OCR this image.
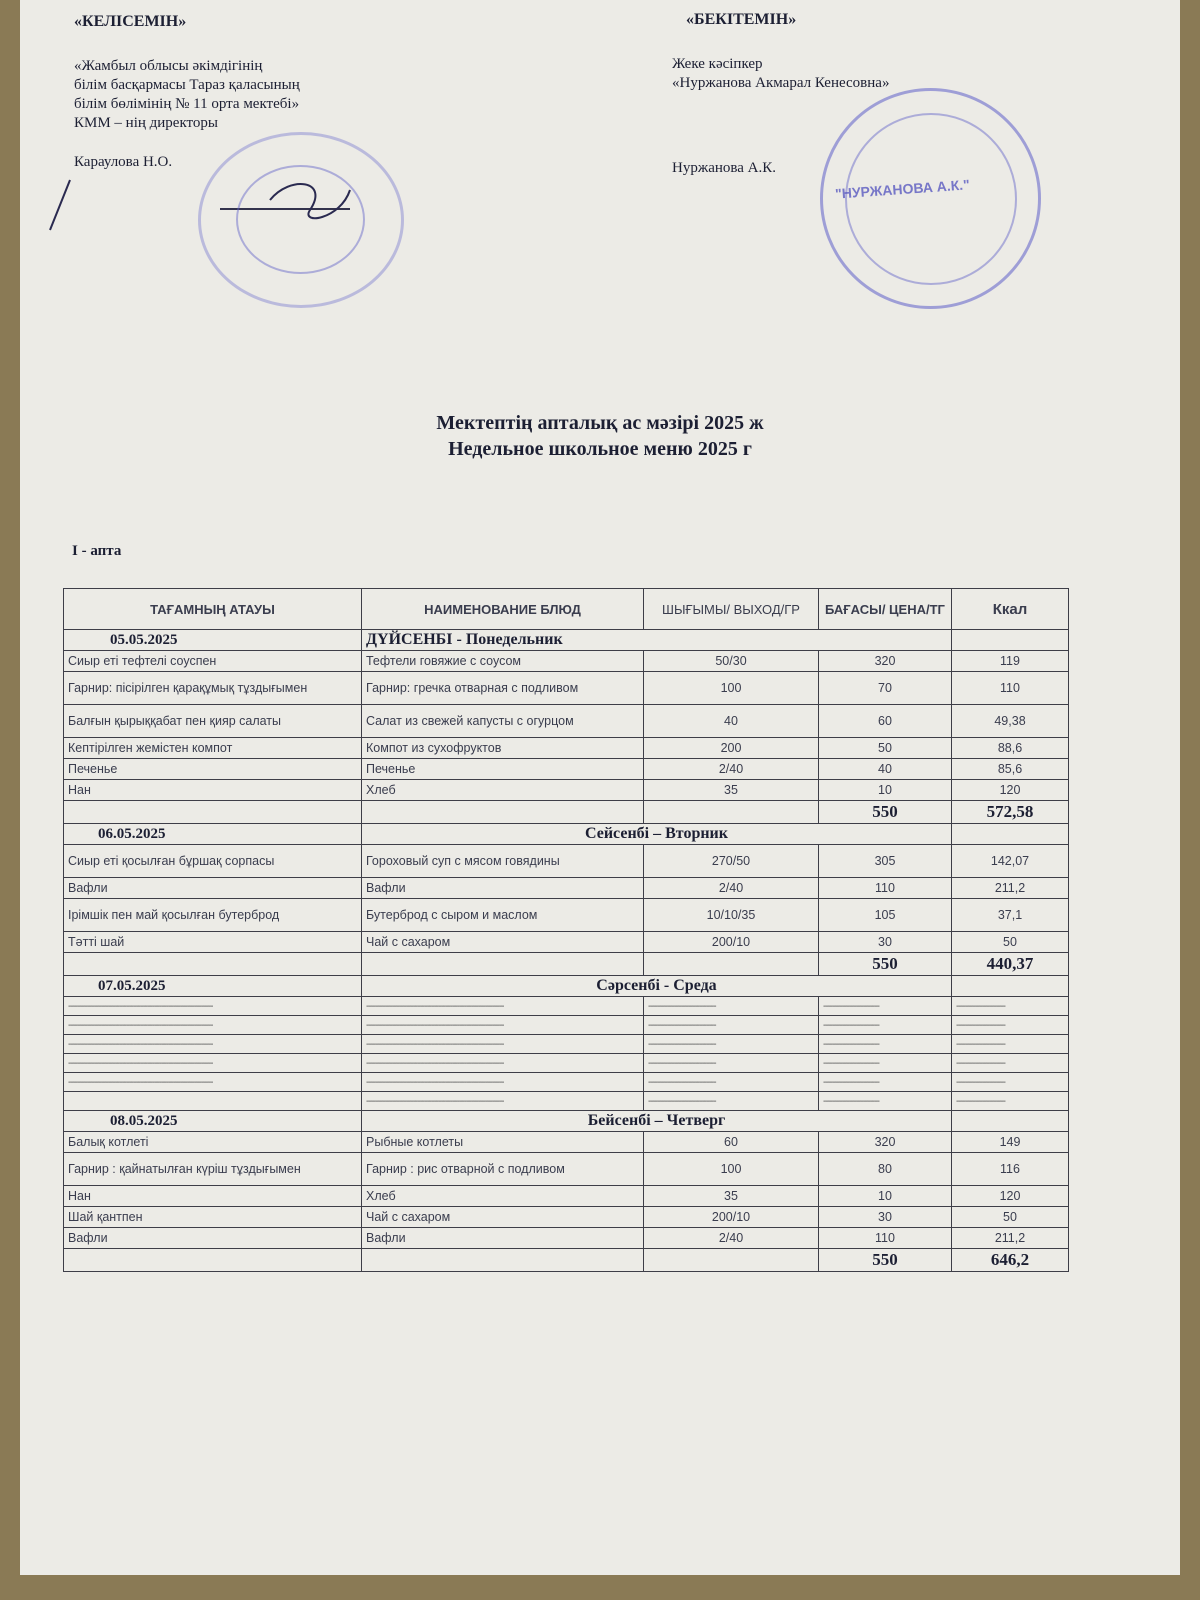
«КЕЛІСЕМІН»
«Жамбыл облысы әкімдігінің
білім басқармасы Тараз қаласының
білім бөлімінің № 11 орта мектебі»
КММ – нің директоры
Караулова Н.О.
«БЕКІТЕМІН»
Жеке кәсіпкер
«Нуржанова Акмарал Кенесовна»
Нуржанова А.К.
"НУРЖАНОВА А.К."
Мектептің апталық ас мәзірі 2025 ж
Недельное школьное меню 2025 г
I - апта
ТАҒАМНЫҢ АТАУЫ	НАИМЕНОВАНИЕ БЛЮД	ШЫҒЫМЫ/ ВЫХОД/ГР	БАҒАСЫ/ ЦЕНА/ТГ	Ккал
05.05.2025	ДҮЙСЕНБІ - Понедельник			
Сиыр еті тефтелі соуспен	Тефтели говяжие с соусом	50/30	320	119
Гарнир: пісірілген қарақұмық тұздығымен	Гарнир: гречка отварная с подливом	100	70	110
Балғын қырыққабат пен қияр салаты	Салат из свежей капусты с огурцом	40	60	49,38
Кептірілген жемістен компот	Компот из сухофруктов	200	50	88,6
Печенье	Печенье	2/40	40	85,6
Нан	Хлеб	35	10	120
			550	572,58
06.05.2025	Сейсенбі – Вторник			
Сиыр еті қосылған бұршақ сорпасы	Гороховый суп с мясом говядины	270/50	305	142,07
Вафли	Вафли	2/40	110	211,2
Ірімшік пен май қосылған бутерброд	Бутерброд с сыром и маслом	10/10/35	105	37,1
Тәтті шай	Чай с сахаром	200/10	30	50
			550	440,37
07.05.2025	Сәрсенбі - Среда			
--------------------------------------------------------------	-----------------------------------------------------------	-----------------------------	------------------------	---------------------
--------------------------------------------------------------	-----------------------------------------------------------	-----------------------------	------------------------	---------------------
--------------------------------------------------------------	-----------------------------------------------------------	-----------------------------	------------------------	---------------------
--------------------------------------------------------------	-----------------------------------------------------------	-----------------------------	------------------------	---------------------
--------------------------------------------------------------	-----------------------------------------------------------	-----------------------------	------------------------	---------------------
	-----------------------------------------------------------	-----------------------------	------------------------	---------------------
08.05.2025	Бейсенбі – Четверг			
Балық котлеті	Рыбные котлеты	60	320	149
Гарнир : қайнатылған күріш тұздығымен	Гарнир : рис отварной с подливом	100	80	116
Нан	Хлеб	35	10	120
Шай қантпен	Чай с сахаром	200/10	30	50
Вафли	Вафли	2/40	110	211,2
			550	646,2
